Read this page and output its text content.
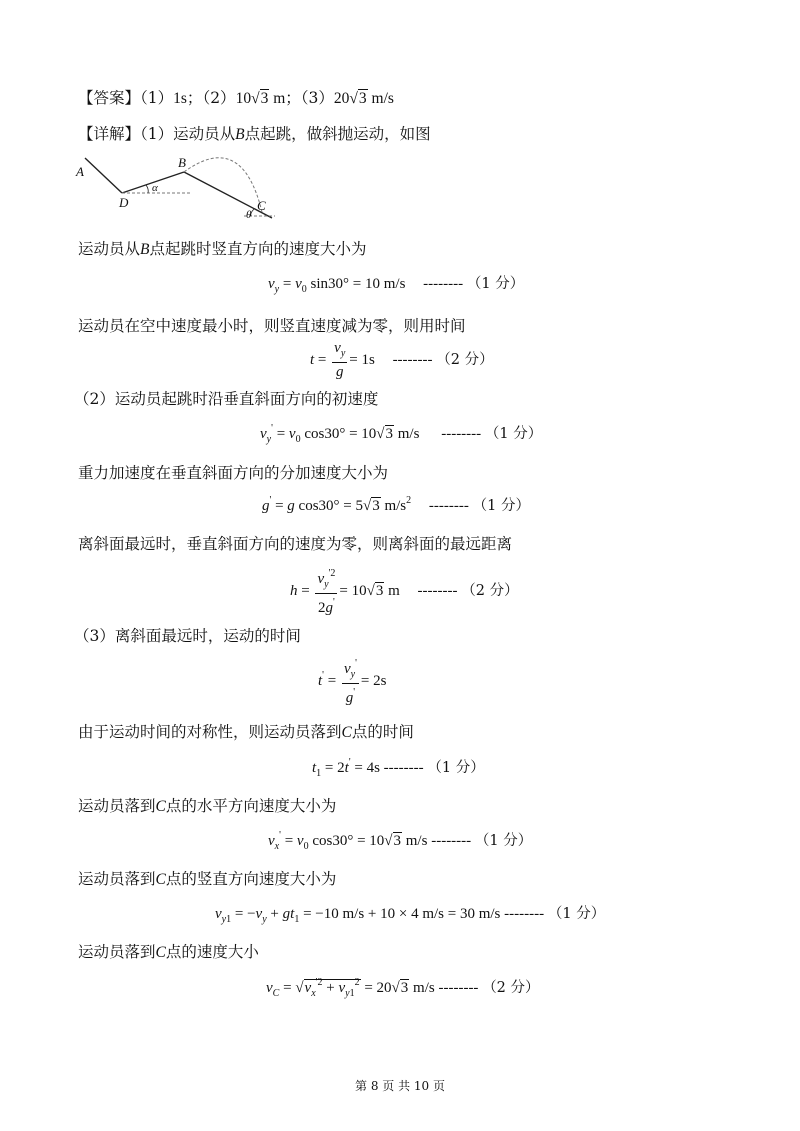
【答案】（1）1s；（2）10√3 m；（3）20√3 m/s
【详解】（1）运动员从B点起跳，做斜抛运动，如图
A
D
B
C
α
θ
运动员从B点起跳时竖直方向的速度大小为
$v_y = v_0$ sin30° = 10 m/s -------- （1 分）
运动员在空中速度最小时，则竖直速度减为零，则用时间
$t = \frac{v_y}{g} = 1s$ -------- （2 分）
（2）运动员起跳时沿垂直斜面方向的初速度
$v_y' = v_0$ cos30° = 10√3 m/s -------- （1 分）
重力加速度在垂直斜面方向的分加速度大小为
g' = g cos30° = 5√3 $m/s^2$ -------- （1 分）
离斜面最远时，垂直斜面方向的速度为零，则离斜面的最远距离
$h = \frac{v_y^{'2}}{2g'} = 10√3$ m -------- （2 分）
（3）离斜面最远时，运动的时间
$t' = \frac{v_y'}{g'} = 2s$
由于运动时间的对称性，则运动员落到C点的时间
$t_1 = 2t' = 4s$ -------- （1 分）
运动员落到C点的水平方向速度大小为
$v_x' = v_0$ cos30° = 10√3 m/s -------- （1 分）
运动员落到C点的竖直方向速度大小为
$v_{y1} = -v_y + gt_1 = -10$ m/s + 10 × 4 m/s = 30 m/s -------- （1 分）
运动员落到C点的速度大小
$v_C = √v_x^{'2} + v_{y1}^2 = 20√3$ m/s -------- （2 分）
第 8 页 共 10 页
